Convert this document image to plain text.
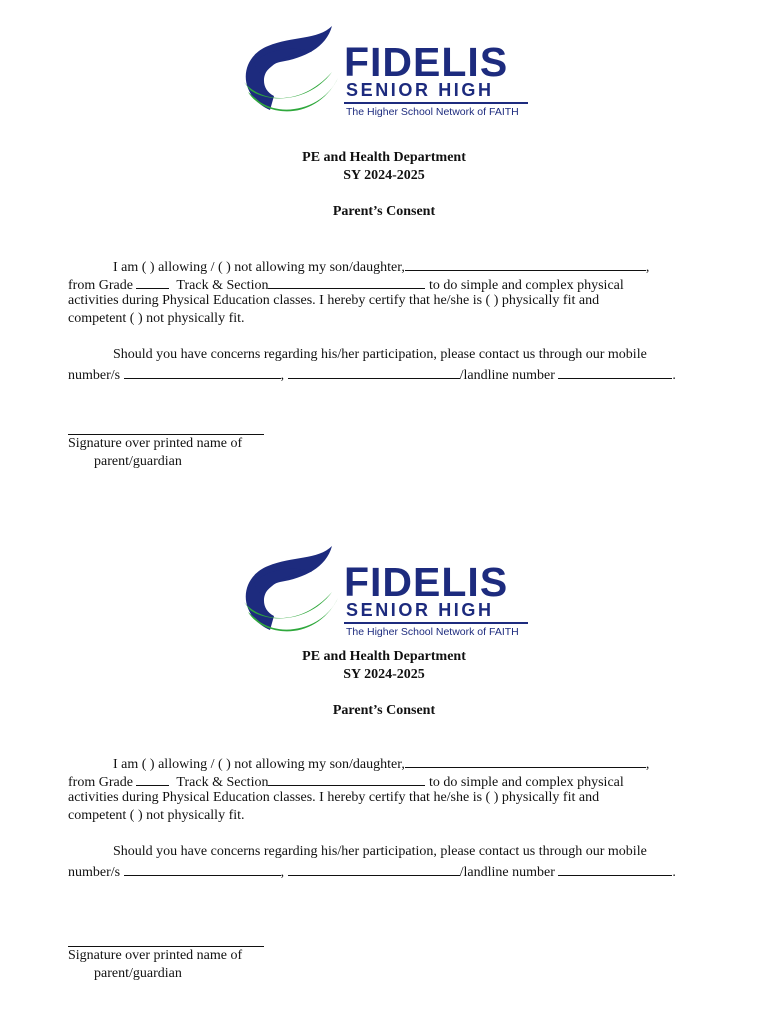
FIDELIS
SENIOR HIGH
The Higher School Network of FAITH
PE and Health Department
SY 2024-2025
Parent’s Consent
I am ( ) allowing / ( ) not allowing my son/daughter,	,
from Grade	Track & Section	to do simple and complex physical
activities during Physical Education classes. I hereby certify that he/she is ( ) physically fit and
competent ( ) not physically fit.
Should you have concerns regarding his/her participation, please contact us through our mobile
number/s	,	/landline number	.
Signature over printed name of
parent/guardian
FIDELIS
SENIOR HIGH
The Higher School Network of FAITH
PE and Health Department
SY 2024-2025
Parent’s Consent
I am ( ) allowing / ( ) not allowing my son/daughter,	,
from Grade	Track & Section	to do simple and complex physical
activities during Physical Education classes. I hereby certify that he/she is ( ) physically fit and
competent ( ) not physically fit.
Should you have concerns regarding his/her participation, please contact us through our mobile
number/s	,	/landline number	.
Signature over printed name of
parent/guardian
